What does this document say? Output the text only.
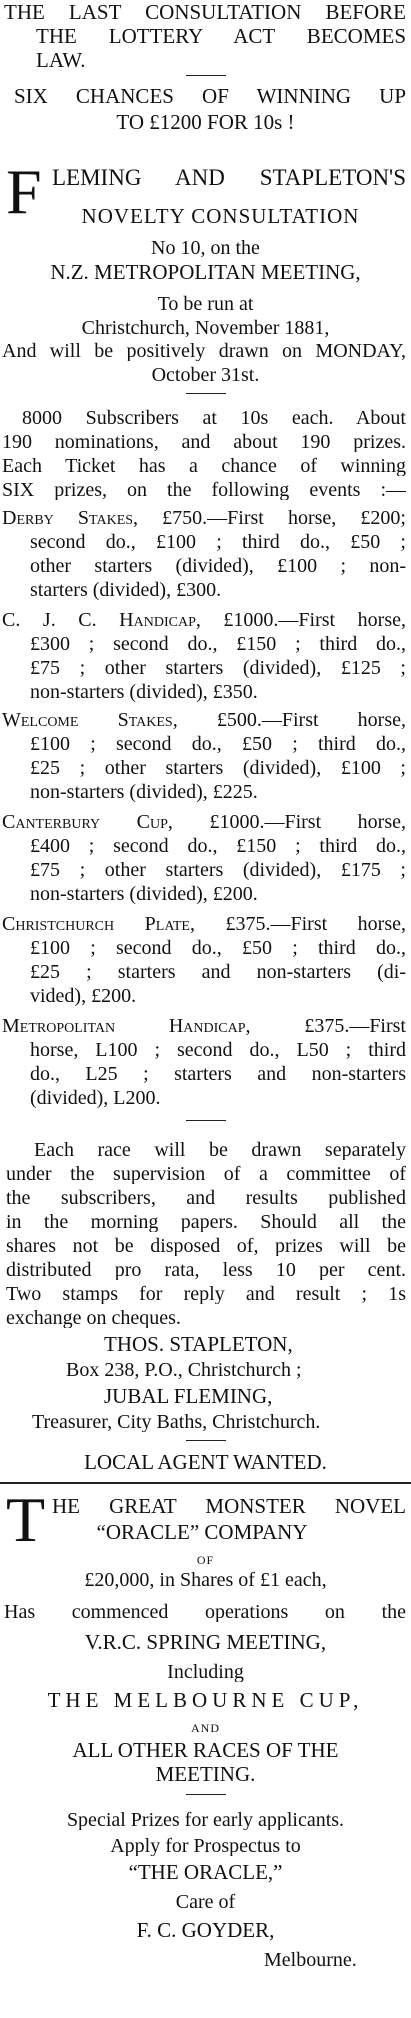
THE LAST CONSULTATION BEFORE
THE LOTTERY ACT BECOMES
LAW.
SIX CHANCES OF WINNING UP
TO £1200 FOR 10s !
F LEMING AND STAPLETON'S
NOVELTY CONSULTATION
No 10, on the
N.Z. METROPOLITAN MEETING,
To be run at
Christchurch, November 1881,
And will be positively drawn on MONDAY,
October 31st.
8000 Subscribers at 10s each. About
190 nominations, and about 190 prizes.
Each Ticket has a chance of winning
SIX prizes, on the following events :—
Derby Stakes, £750.—First horse, £200;
second do., £100 ; third do., £50 ;
other starters (divided), £100 ; non-
starters (divided), £300.
C. J. C. Handicap, £1000.—First horse,
£300 ; second do., £150 ; third do.,
£75 ; other starters (divided), £125 ;
non-starters (divided), £350.
Welcome Stakes, £500.—First horse,
£100 ; second do., £50 ; third do.,
£25 ; other starters (divided), £100 ;
non-starters (divided), £225.
Canterbury Cup, £1000.—First horse,
£400 ; second do., £150 ; third do.,
£75 ; other starters (divided), £175 ;
non-starters (divided), £200.
Christchurch Plate, £375.—First horse,
£100 ; second do., £50 ; third do.,
£25 ; starters and non-starters (di-
vided), £200.
Metropolitan Handicap, £375.—First
horse, L100 ; second do., L50 ; third
do., L25 ; starters and non-starters
(divided), L200.
Each race will be drawn separately
under the supervision of a committee of
the subscribers, and results published
in the morning papers. Should all the
shares not be disposed of, prizes will be
distributed pro rata, less 10 per cent.
Two stamps for reply and result ; 1s
exchange on cheques.
THOS. STAPLETON,
Box 238, P.O., Christchurch ;
JUBAL FLEMING,
Treasurer, City Baths, Christchurch.
LOCAL AGENT WANTED.
T HE GREAT MONSTER NOVEL
“ORACLE” COMPANY
OF
£20,000, in Shares of £1 each,
Has commenced operations on the
V.R.C. SPRING MEETING,
Including
THE MELBOURNE CUP,
AND
ALL OTHER RACES OF THE
MEETING.
Special Prizes for early applicants.
Apply for Prospectus to
“THE ORACLE,”
Care of
F. C. GOYDER,
Melbourne.
